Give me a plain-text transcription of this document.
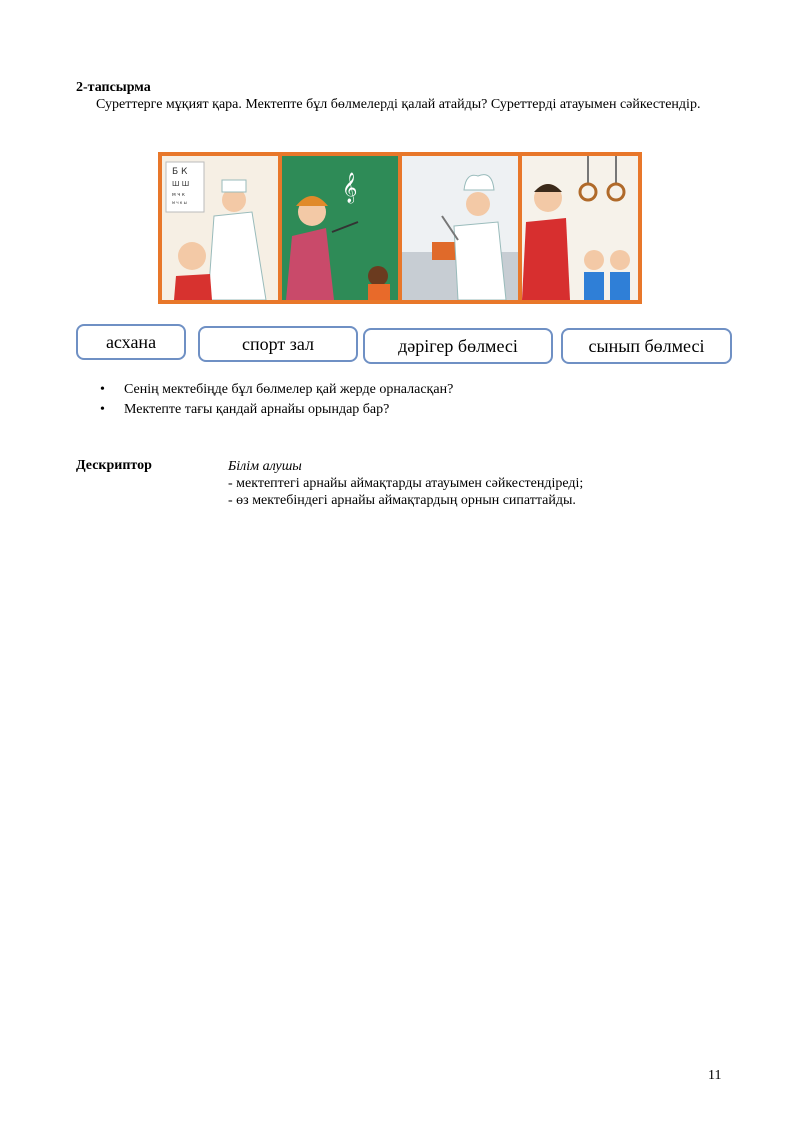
2-тапсырма
Суреттерге мұқият қара. Мектепте бұл бөлмелерді қалай атайды? Суреттерді атауымен сәйкестендір.
Б К
Ш Ш
м ч к
м ч к ы	𝄞
асхана	спорт зал	дәрігер бөлмесі	сынып бөлмесі
• Сенің мектебіңде бұл бөлмелер қай жерде орналасқан?
• Мектепте тағы қандай арнайы орындар бар?
Дескриптор	Білім алушы
- мектептегі арнайы аймақтарды атауымен сәйкестендіреді;
- өз мектебіндегі арнайы аймақтардың орнын сипаттайды.
11
